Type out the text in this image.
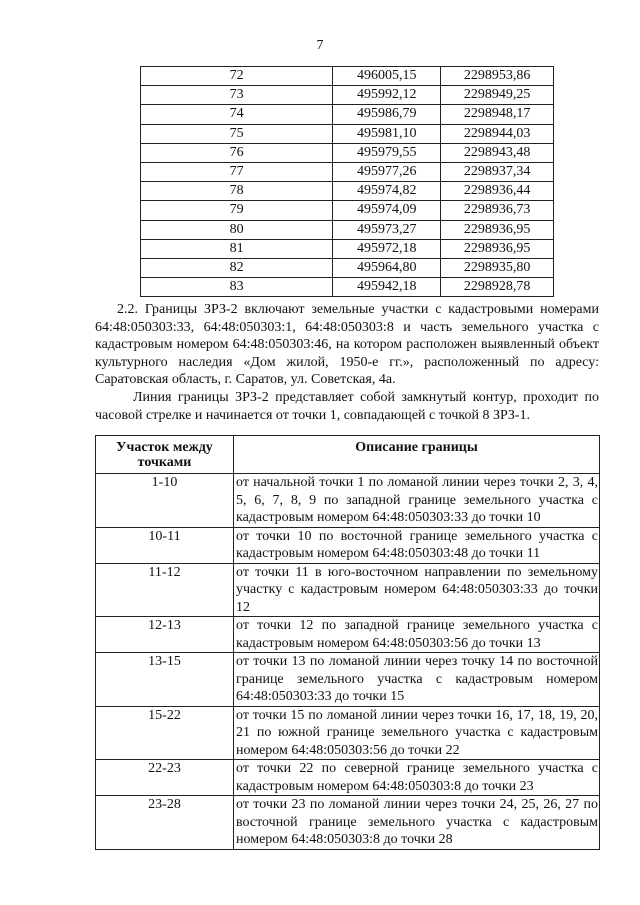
7
72	496005,15	2298953,86
73	495992,12	2298949,25
74	495986,79	2298948,17
75	495981,10	2298944,03
76	495979,55	2298943,48
77	495977,26	2298937,34
78	495974,82	2298936,44
79	495974,09	2298936,73
80	495973,27	2298936,95
81	495972,18	2298936,95
82	495964,80	2298935,80
83	495942,18	2298928,78

2.2. Границы ЗРЗ-2 включают земельные участки с кадастровыми номерами 64:48:050303:33, 64:48:050303:1, 64:48:050303:8 и часть земельного участка с кадастровым номером 64:48:050303:46, на котором расположен выявленный объект культурного наследия «Дом жилой, 1950-е гг.», расположенный по адресу: Саратовская область, г. Саратов, ул. Советская, 4а.

Линия границы ЗРЗ-2 представляет собой замкнутый контур, проходит по часовой стрелке и начинается от точки 1, совпадающей с точкой 8 ЗРЗ-1.

Участок между точками	Описание границы
1-10	от начальной точки 1 по ломаной линии через точки 2, 3, 4, 5, 6, 7, 8, 9 по западной границе земельного участка с кадастровым номером 64:48:050303:33 до точки 10
10-11	от точки 10 по восточной границе земельного участка с кадастровым номером 64:48:050303:48 до точки 11
11-12	от точки 11 в юго-восточном направлении по земельному участку с кадастровым номером 64:48:050303:33 до точки 12
12-13	от точки 12 по западной границе земельного участка с кадастровым номером 64:48:050303:56 до точки 13
13-15	от точки 13 по ломаной линии через точку 14 по восточной границе земельного участка с кадастровым номером 64:48:050303:33 до точки 15
15-22	от точки 15 по ломаной линии через точки 16, 17, 18, 19, 20, 21 по южной границе земельного участка с кадастровым номером 64:48:050303:56 до точки 22
22-23	от точки 22 по северной границе земельного участка с кадастровым номером 64:48:050303:8 до точки 23
23-28	от точки 23 по ломаной линии через точки 24, 25, 26, 27 по восточной границе земельного участка с кадастровым номером 64:48:050303:8 до точки 28
